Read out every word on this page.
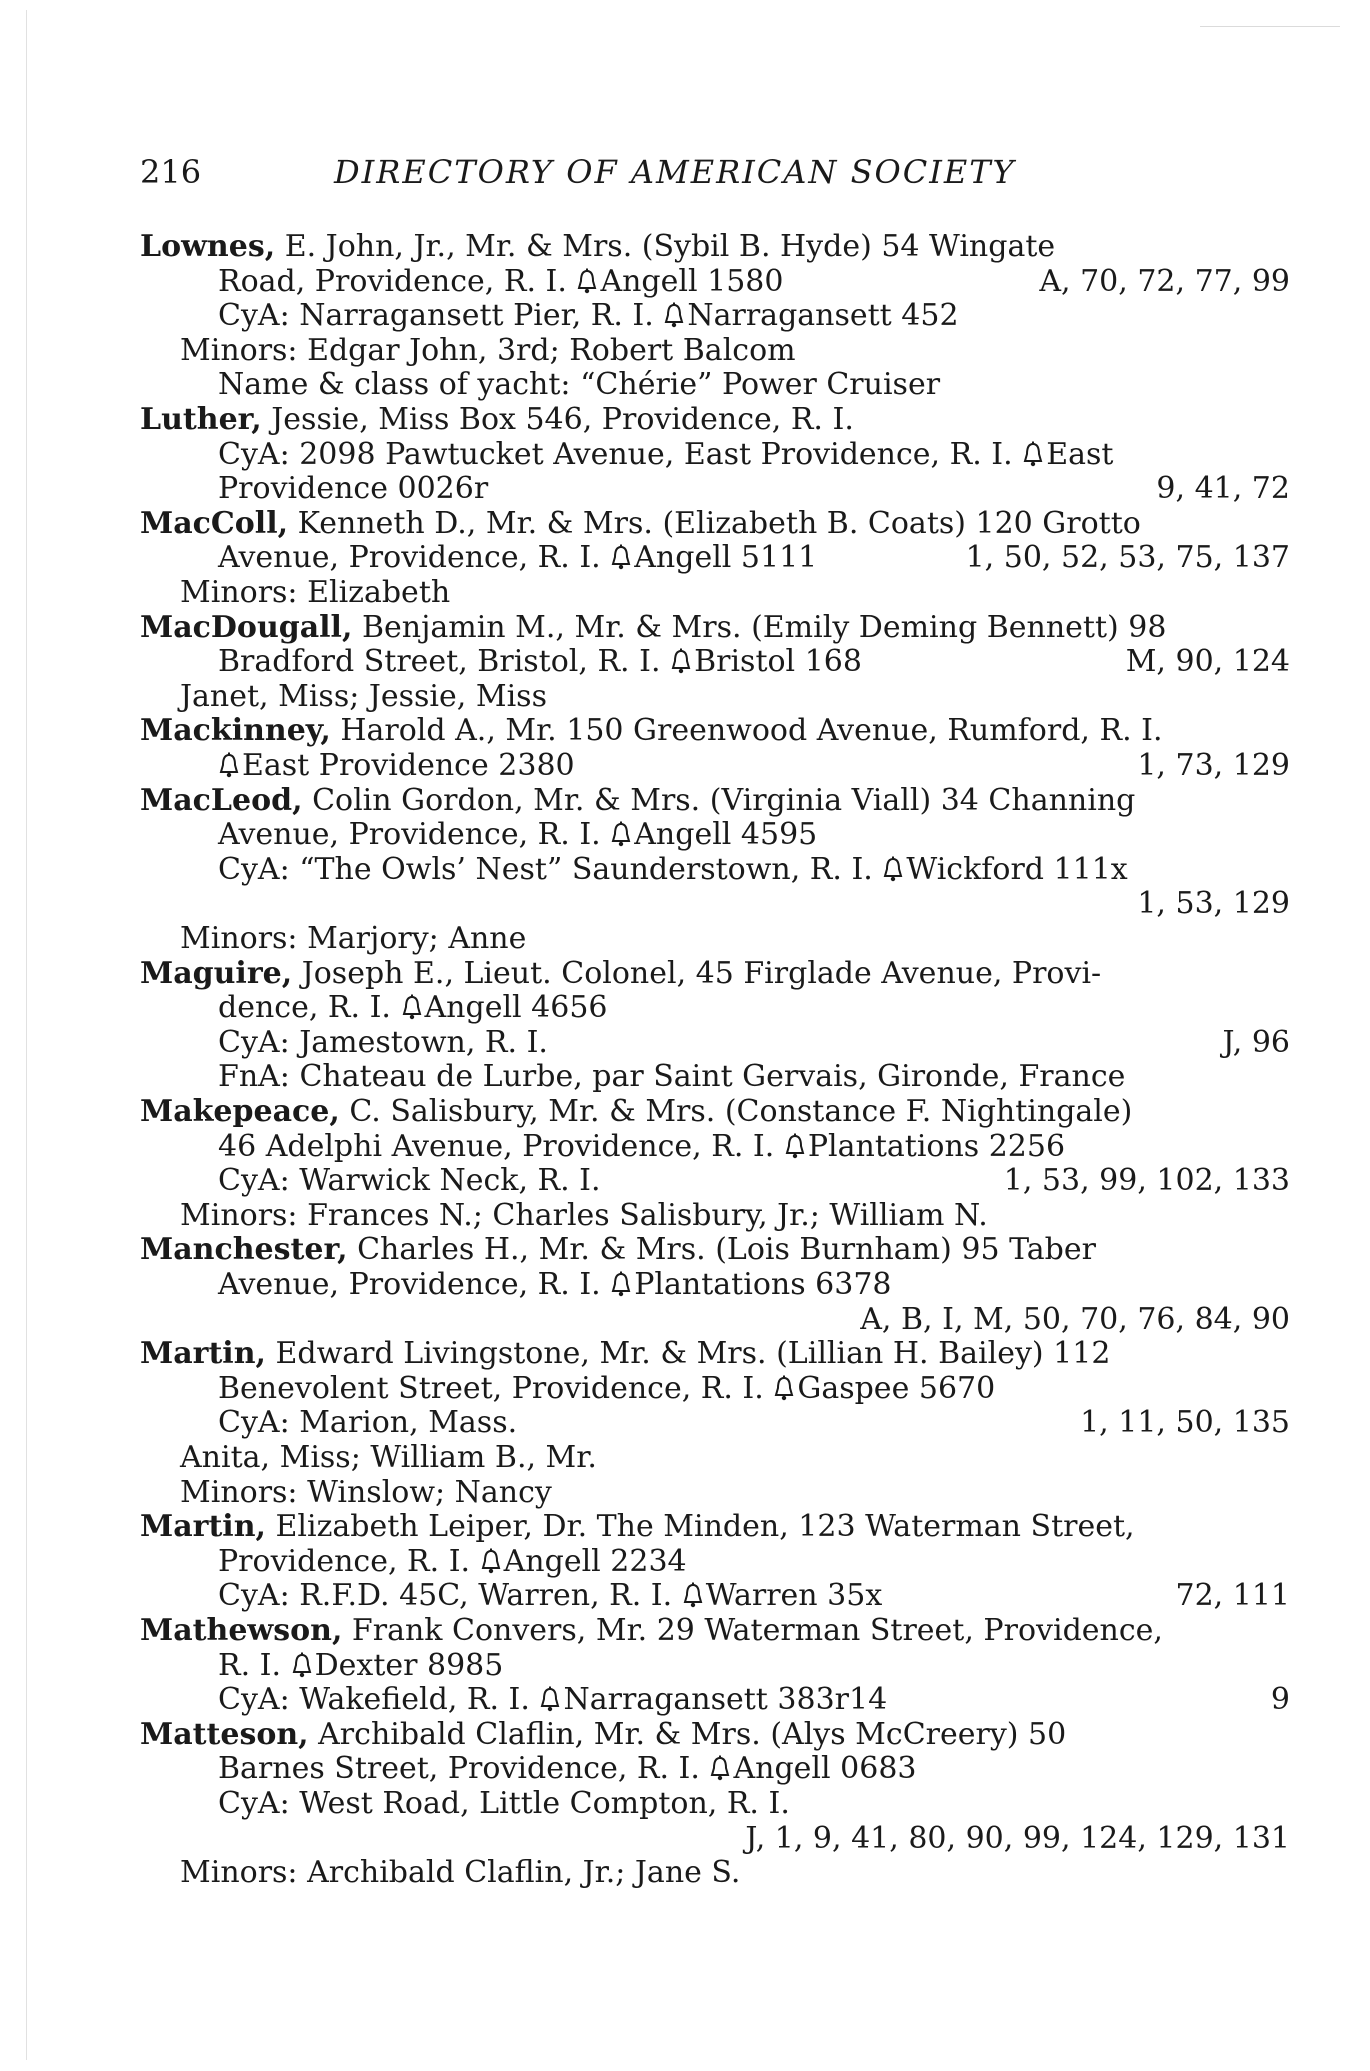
216	DIRECTORY OF AMERICAN SOCIETY
Lownes, E. John, Jr., Mr. & Mrs. (Sybil B. Hyde) 54 Wingate
Road, Providence, R. I.
Angell 1580	A, 70, 72, 77, 99
CyA: Narragansett Pier, R. I.
Narragansett 452
Minors: Edgar John, 3rd; Robert Balcom
Name & class of yacht: “Chérie” Power Cruiser
Luther, Jessie, Miss Box 546, Providence, R. I.
CyA: 2098 Pawtucket Avenue, East Providence, R. I.
East
Providence 0026r	9, 41, 72
MacColl, Kenneth D., Mr. & Mrs. (Elizabeth B. Coats) 120 Grotto
Avenue, Providence, R. I.
Angell 5111	1, 50, 52, 53, 75, 137
Minors: Elizabeth
MacDougall, Benjamin M., Mr. & Mrs. (Emily Deming Bennett) 98
Bradford Street, Bristol, R. I.
Bristol 168	M, 90, 124
Janet, Miss; Jessie, Miss
Mackinney, Harold A., Mr. 150 Greenwood Avenue, Rumford, R. I.
East Providence 2380	1, 73, 129
MacLeod, Colin Gordon, Mr. & Mrs. (Virginia Viall) 34 Channing
Avenue, Providence, R. I.
Angell 4595
CyA: “The Owls’ Nest” Saunderstown, R. I.
Wickford 111x
1, 53, 129
Minors: Marjory; Anne
Maguire, Joseph E., Lieut. Colonel, 45 Firglade Avenue, Provi-
dence, R. I.
Angell 4656
CyA: Jamestown, R. I.	J, 96
FnA: Chateau de Lurbe, par Saint Gervais, Gironde, France
Makepeace, C. Salisbury, Mr. & Mrs. (Constance F. Nightingale)
46 Adelphi Avenue, Providence, R. I.
Plantations 2256
CyA: Warwick Neck, R. I.	1, 53, 99, 102, 133
Minors: Frances N.; Charles Salisbury, Jr.; William N.
Manchester, Charles H., Mr. & Mrs. (Lois Burnham) 95 Taber
Avenue, Providence, R. I.
Plantations 6378
A, B, I, M, 50, 70, 76, 84, 90
Martin, Edward Livingstone, Mr. & Mrs. (Lillian H. Bailey) 112
Benevolent Street, Providence, R. I.
Gaspee 5670
CyA: Marion, Mass.	1, 11, 50, 135
Anita, Miss; William B., Mr.
Minors: Winslow; Nancy
Martin, Elizabeth Leiper, Dr. The Minden, 123 Waterman Street,
Providence, R. I.
Angell 2234
CyA: R.F.D. 45C, Warren, R. I.
Warren 35x	72, 111
Mathewson, Frank Convers, Mr. 29 Waterman Street, Providence,
R. I.
Dexter 8985
CyA: Wakefield, R. I.
Narragansett 383r14	9
Matteson, Archibald Claflin, Mr. & Mrs. (Alys McCreery) 50
Barnes Street, Providence, R. I.
Angell 0683
CyA: West Road, Little Compton, R. I.
J, 1, 9, 41, 80, 90, 99, 124, 129, 131
Minors: Archibald Claflin, Jr.; Jane S.
